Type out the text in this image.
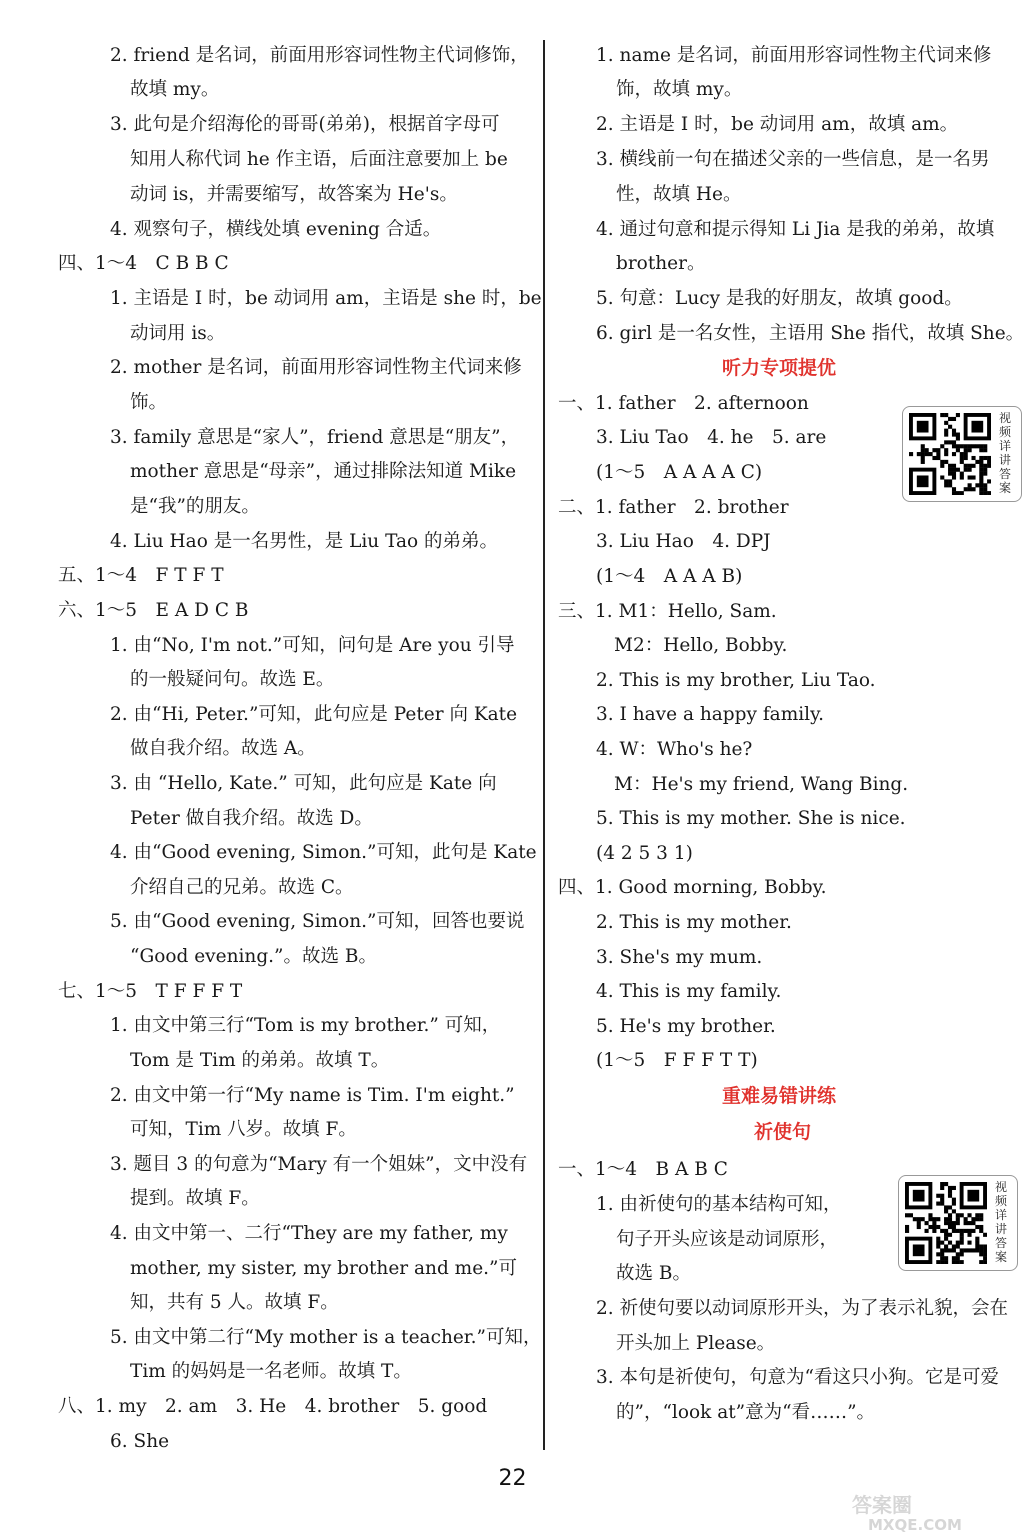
2. friend 是名词，前面用形容词性物主代词修饰，
故填 my。
3. 此句是介绍海伦的哥哥(弟弟)，根据首字母可
知用人称代词 he 作主语，后面注意要加上 be
动词 is，并需要缩写，故答案为 He's。
4. 观察句子，横线处填 evening 合适。
四、1～4　C B B C
1. 主语是 I 时，be 动词用 am，主语是 she 时，be
动词用 is。
2. mother 是名词，前面用形容词性物主代词来修
饰。
3. family 意思是“家人”，friend 意思是“朋友”，
mother 意思是“母亲”，通过排除法知道 Mike
是“我”的朋友。
4. Liu Hao 是一名男性，是 Liu Tao 的弟弟。
五、1～4　F T F T
六、1～5　E A D C B
1. 由“No, I'm not.”可知，问句是 Are you 引导
的一般疑问句。故选 E。
2. 由“Hi, Peter.”可知，此句应是 Peter 向 Kate
做自我介绍。故选 A。
3. 由 “Hello, Kate.” 可知，此句应是 Kate 向
Peter 做自我介绍。故选 D。
4. 由“Good evening, Simon.”可知，此句是 Kate
介绍自己的兄弟。故选 C。
5. 由“Good evening, Simon.”可知，回答也要说
“Good evening.”。故选 B。
七、1～5　T F F F T
1. 由文中第三行“Tom is my brother.” 可知，
Tom 是 Tim 的弟弟。故填 T。
2. 由文中第一行“My name is Tim. I'm eight.”
可知，Tim 八岁。故填 F。
3. 题目 3 的句意为“Mary 有一个姐妹”，文中没有
提到。故填 F。
4. 由文中第一、二行“They are my father, my
mother, my sister, my brother and me.”可
知，共有 5 人。故填 F。
5. 由文中第二行“My mother is a teacher.”可知，
Tim 的妈妈是一名老师。故填 T。
八、1. my　2. am　3. He　4. brother　5. good
6. She
1. name 是名词，前面用形容词性物主代词来修
饰，故填 my。
2. 主语是 I 时，be 动词用 am，故填 am。
3. 横线前一句在描述父亲的一些信息，是一名男
性，故填 He。
4. 通过句意和提示得知 Li Jia 是我的弟弟，故填
brother。
5. 句意：Lucy 是我的好朋友，故填 good。
6. girl 是一名女性，主语用 She 指代，故填 She。
听力专项提优
一、1. father　2. afternoon
3. Liu Tao　4. he　5. are
(1～5　A A A A C)
二、1. father　2. brother
3. Liu Hao　4. DPJ
(1～4　A A A B)
三、1. M1：Hello, Sam.
M2：Hello, Bobby.
2. This is my brother, Liu Tao.
3. I have a happy family.
4. W：Who's he?
M：He's my friend, Wang Bing.
5. This is my mother. She is nice.
(4 2 5 3 1)
四、1. Good morning, Bobby.
2. This is my mother.
3. She's my mum.
4. This is my family.
5. He's my brother.
(1～5　F F F T T)
重难易错讲练
祈使句
一、1～4　B A B C
1. 由祈使句的基本结构可知，
句子开头应该是动词原形，
故选 B。
2. 祈使句要以动词原形开头，为了表示礼貌，会在
开头加上 Please。
3. 本句是祈使句，句意为“看这只小狗。它是可爱
的”，“look at”意为“看……”。
视频详讲答案
视频详讲答案
22
答案圈
MXQE.COM
